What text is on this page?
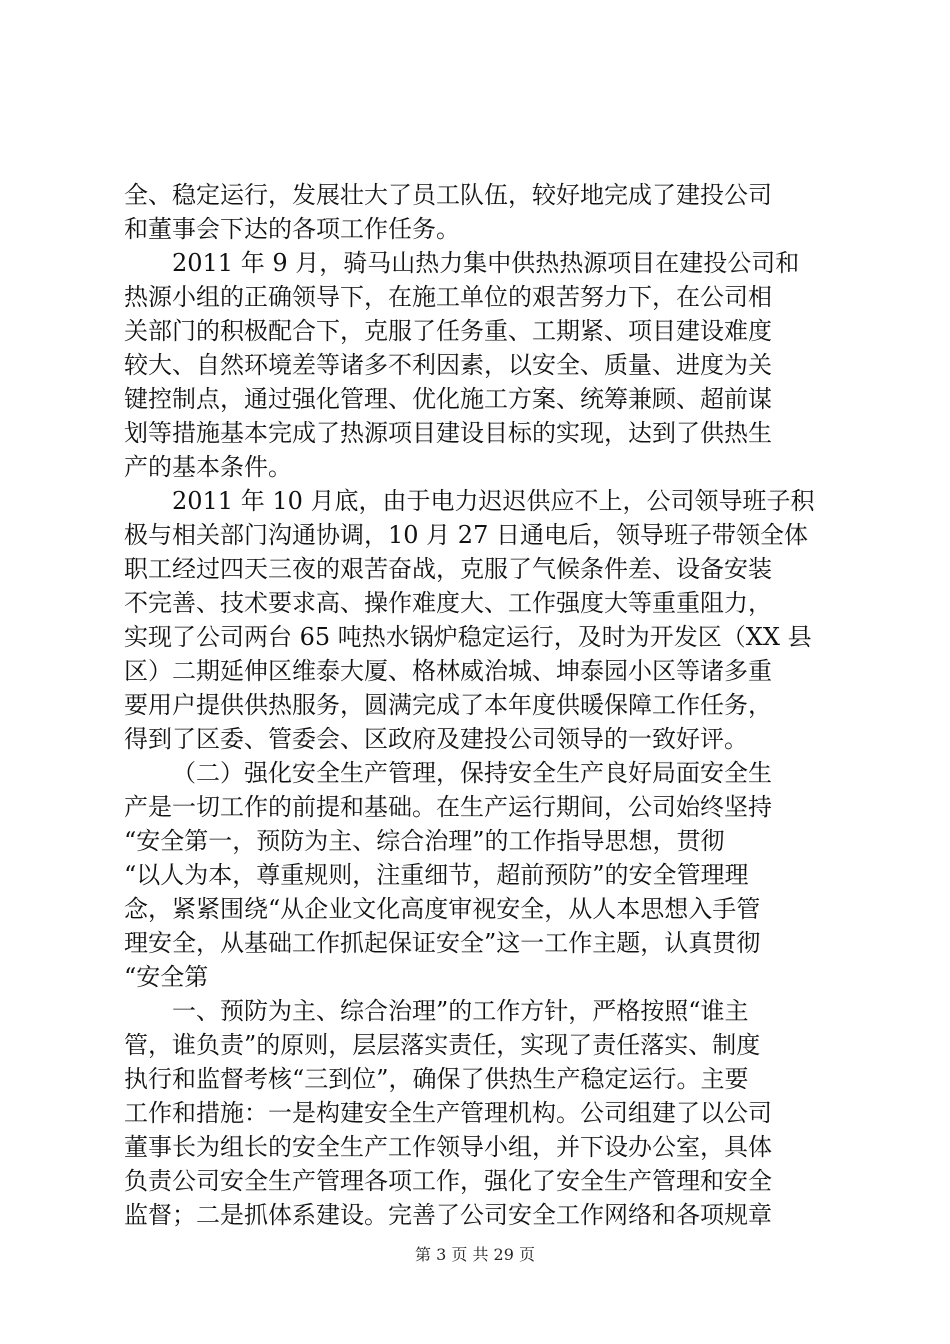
全、稳定运行，发展壮大了员工队伍，较好地完成了建投公司
和董事会下达的各项工作任务。
2011 年 9 月，骑马山热力集中供热热源项目在建投公司和
热源小组的正确领导下，在施工单位的艰苦努力下，在公司相
关部门的积极配合下，克服了任务重、工期紧、项目建设难度
较大、自然环境差等诸多不利因素，以安全、质量、进度为关
键控制点，通过强化管理、优化施工方案、统筹兼顾、超前谋
划等措施基本完成了热源项目建设目标的实现，达到了供热生
产的基本条件。
2011 年 10 月底，由于电力迟迟供应不上，公司领导班子积
极与相关部门沟通协调，10 月 27 日通电后，领导班子带领全体
职工经过四天三夜的艰苦奋战，克服了气候条件差、设备安装
不完善、技术要求高、操作难度大、工作强度大等重重阻力，
实现了公司两台 65 吨热水锅炉稳定运行，及时为开发区（XX 县
区）二期延伸区维泰大厦、格林威治城、坤泰园小区等诸多重
要用户提供供热服务，圆满完成了本年度供暖保障工作任务，
得到了区委、管委会、区政府及建投公司领导的一致好评。
（二）强化安全生产管理，保持安全生产良好局面安全生
产是一切工作的前提和基础。在生产运行期间，公司始终坚持
“安全第一，预防为主、综合治理”的工作指导思想，贯彻
“以人为本，尊重规则，注重细节，超前预防”的安全管理理
念，紧紧围绕“从企业文化高度审视安全，从人本思想入手管
理安全，从基础工作抓起保证安全”这一工作主题，认真贯彻
“安全第
一、预防为主、综合治理”的工作方针，严格按照“谁主
管，谁负责”的原则，层层落实责任，实现了责任落实、制度
执行和监督考核“三到位”，确保了供热生产稳定运行。主要
工作和措施：一是构建安全生产管理机构。公司组建了以公司
董事长为组长的安全生产工作领导小组，并下设办公室，具体
负责公司安全生产管理各项工作，强化了安全生产管理和安全
监督；二是抓体系建设。完善了公司安全工作网络和各项规章
第 3 页 共 29 页
